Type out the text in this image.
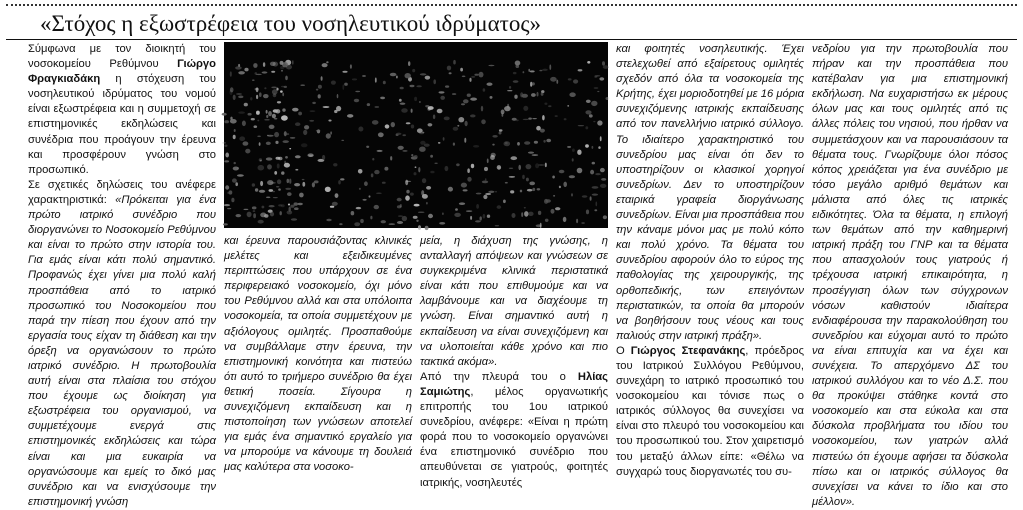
«Στόχος η εξωστρέφεια του νοσηλευτικού ιδρύματος»

Σύμφωνα με τον διοικητή του νοσοκομείου Ρεθύμνου Γιώργο Φραγκιαδάκη η στόχευση του νοσηλευτικού ιδρύματος του νομού είναι εξωστρέφεια και η συμμετοχή σε επιστημονικές εκδηλώσεις και συνέδρια που προάγουν την έρευνα και προσφέρουν γνώση στο προσωπικό.

Σε σχετικές δηλώσεις του ανέφερε χαρακτηριστικά: «Πρόκειται για ένα πρώτο ιατρικό συνέδριο που διοργανώνει το Νοσοκομείο Ρεθύμνου και είναι το πρώτο στην ιστορία του. Για εμάς είναι κάτι πολύ σημαντικό. Προφανώς έχει γίνει μια πολύ καλή προσπάθεια από το ιατρικό προσωπικό του Νοσοκομείου που παρά την πίεση που έχουν από την εργασία τους είχαν τη διάθεση και την όρεξη να οργανώσουν το πρώτο ιατρικό συνέδριο. Η πρωτοβουλία αυτή είναι στα πλαίσια του στόχου που έχουμε ως διοίκηση για εξωστρέφεια του οργανισμού, να συμμετέχουμε ενεργά στις επιστημονικές εκδηλώσεις και τώρα είναι και μια ευκαιρία να οργανώσουμε και εμείς το δικό μας συνέδριο και να ενισχύσουμε την επιστημονική γνώση

και έρευνα παρουσιάζοντας κλινικές μελέτες και εξειδικευμένες περιπτώσεις που υπάρχουν σε ένα περιφερειακό νοσοκομείο, όχι μόνο του Ρεθύμνου αλλά και στα υπόλοιπα νοσοκομεία, τα οποία συμμετέχουν με αξιόλογους ομιλητές. Προσπαθούμε να συμβάλλαμε στην έρευνα, την επιστημονική κοινότητα και πιστεύω ότι αυτό το τριήμερο συνέδριο θα έχει θετική ποσεία. Σίγουρα η συνεχιζόμενη εκπαίδευση και η πιστοποίηση των γνώσεων αποτελεί για εμάς ένα σημαντικό εργαλείο για να μπορούμε να κάνουμε τη δουλειά μας καλύτερα στα νοσοκο-

μεία, η διάχυση της γνώσης, η ανταλλαγή απόψεων και γνώσεων σε συγκεκριμένα κλινικά περιστατικά είναι κάτι που επιθυμούμε και να λαμβάνουμε και να διαχέουμε τη γνώση. Είναι σημαντικό αυτή η εκπαίδευση να είναι συνεχιζόμενη και να υλοποιείται κάθε χρόνο και πιο τακτικά ακόμα».

Από την πλευρά του ο Ηλίας Σαμιώτης, μέλος οργανωτικής επιτροπής του 1ου ιατρικού συνεδρίου, ανέφερε: «Είναι η πρώτη φορά που το νοσοκομείο οργανώνει ένα επιστημονικό συνέδριο που απευθύνεται σε γιατρούς, φοιτητές ιατρικής, νοσηλευτές

και φοιτητές νοσηλευτικής. Έχει στελεχωθεί από εξαίρετους ομιλητές σχεδόν από όλα τα νοσοκομεία της Κρήτης, έχει μοριοδοτηθεί με 16 μόρια συνεχιζόμενης ιατρικής εκπαίδευσης από τον πανελλήνιο ιατρικό σύλλογο. Το ιδιαίτερο χαρακτηριστικό του συνεδρίου μας είναι ότι δεν το υποστηρίζουν οι κλασικοί χορηγοί συνεδρίων. Δεν το υποστηρίζουν εταιρικά γραφεία διοργάνωσης συνεδρίων. Είναι μια προσπάθεια που την κάναμε μόνοι μας με πολύ κόπο και πολύ χρόνο. Τα θέματα του συνεδρίου αφορούν όλο το εύρος της παθολογίας της χειρουργικής, της ορθοπεδικής, των επειγόντων περιστατικών, τα οποία θα μπορούν να βοηθήσουν τους νέους και τους παλιούς στην ιατρική πράξη».

Ο Γιώργος Στεφανάκης, πρόεδρος του Ιατρικού Συλλόγου Ρεθύμνου, συνεχάρη το ιατρικό προσωπικό του νοσοκομείου και τόνισε πως ο ιατρικός σύλλογος θα συνεχίσει να είναι στο πλευρό του νοσοκομείου και του προσωπικού του. Στον χαιρετισμό του μεταξύ άλλων είπε: «Θέλω να συγχαρώ τους διοργανωτές του συ-

νεδρίου για την πρωτοβουλία που πήραν και την προσπάθεια που κατέβαλαν για μια επιστημονική εκδήλωση. Να ευχαριστήσω εκ μέρους όλων μας και τους ομιλητές από τις άλλες πόλεις του νησιού, που ήρθαν να συμμετάσχουν και να παρουσιάσουν τα θέματα τους. Γνωρίζουμε όλοι πόσος κόπος χρειάζεται για ένα συνέδριο με τόσο μεγάλο αριθμό θεμάτων και μάλιστα από όλες τις ιατρικές ειδικότητες. Όλα τα θέματα, η επιλογή των θεμάτων από την καθημερινή ιατρική πράξη του ΓΝΡ και τα θέματα που απασχολούν τους γιατρούς ή τρέχουσα ιατρική επικαιρότητα, η προσέγγιση όλων των σύγχρονων νόσων καθιστούν ιδιαίτερα ενδιαφέρουσα την παρακολούθηση του συνεδρίου και εύχομαι αυτό το πρώτο να είναι επιτυχία και να έχει και συνέχεια. Το απερχόμενο ΔΣ του ιατρικού συλλόγου και το νέο Δ.Σ. που θα προκύψει στάθηκε κοντά στο νοσοκομείο και στα εύκολα και στα δύσκολα προβλήματα του ιδίου του νοσοκομείου, των γιατρών αλλά πιστεύω ότι έχουμε αφήσει τα δύσκολα πίσω και οι ιατρικός σύλλογος θα συνεχίσει να κάνει το ίδιο και στο μέλλον».
